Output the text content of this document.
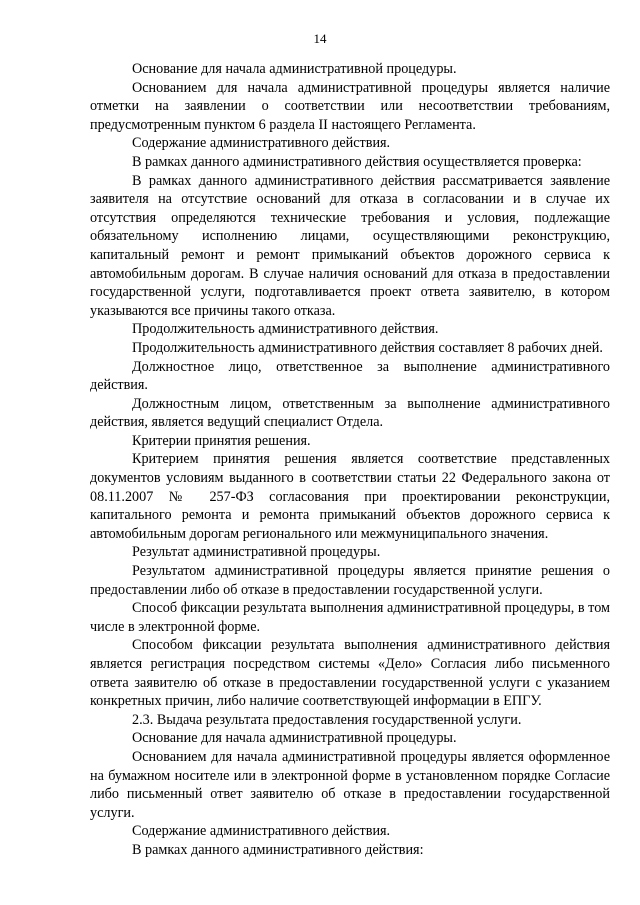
14

Основание для начала административной процедуры.

Основанием для начала административной процедуры является наличие отметки на заявлении о соответствии или несоответствии требованиям, предусмотренным пунктом 6 раздела II настоящего Регламента.

Содержание административного действия.

В рамках данного административного действия осуществляется проверка:

В рамках данного административного действия рассматривается заявление заявителя на отсутствие оснований для отказа в согласовании и в случае их отсутствия определяются технические требования и условия, подлежащие обязательному исполнению лицами, осуществляющими реконструкцию, капитальный ремонт и ремонт примыканий объектов дорожного сервиса к автомобильным дорогам. В случае наличия оснований для отказа в предоставлении государственной услуги, подготавливается проект ответа заявителю, в котором указываются все причины такого отказа.

Продолжительность административного действия.

Продолжительность административного действия составляет 8 рабочих дней.

Должностное лицо, ответственное за выполнение административного действия.

Должностным лицом, ответственным за выполнение административного действия, является ведущий специалист Отдела.

Критерии принятия решения.

Критерием принятия решения является соответствие представленных документов условиям выданного в соответствии статьи 22 Федерального закона от 08.11.2007 № 257-ФЗ согласования при проектировании реконструкции, капитального ремонта и ремонта примыканий объектов дорожного сервиса к автомобильным дорогам регионального или межмуниципального значения.

Результат административной процедуры.

Результатом административной процедуры является принятие решения о предоставлении либо об отказе в предоставлении государственной услуги.

Способ фиксации результата выполнения административной процедуры, в том числе в электронной форме.

Способом фиксации результата выполнения административного действия является регистрация посредством системы «Дело» Согласия либо письменного ответа заявителю об отказе в предоставлении государственной услуги с указанием конкретных причин, либо наличие соответствующей информации в ЕПГУ.

2.3. Выдача результата предоставления государственной услуги.

Основание для начала административной процедуры.

Основанием для начала административной процедуры является оформленное на бумажном носителе или в электронной форме в установленном порядке Согласие либо письменный ответ заявителю об отказе в предоставлении государственной услуги.

Содержание административного действия.

В рамках данного административного действия:
